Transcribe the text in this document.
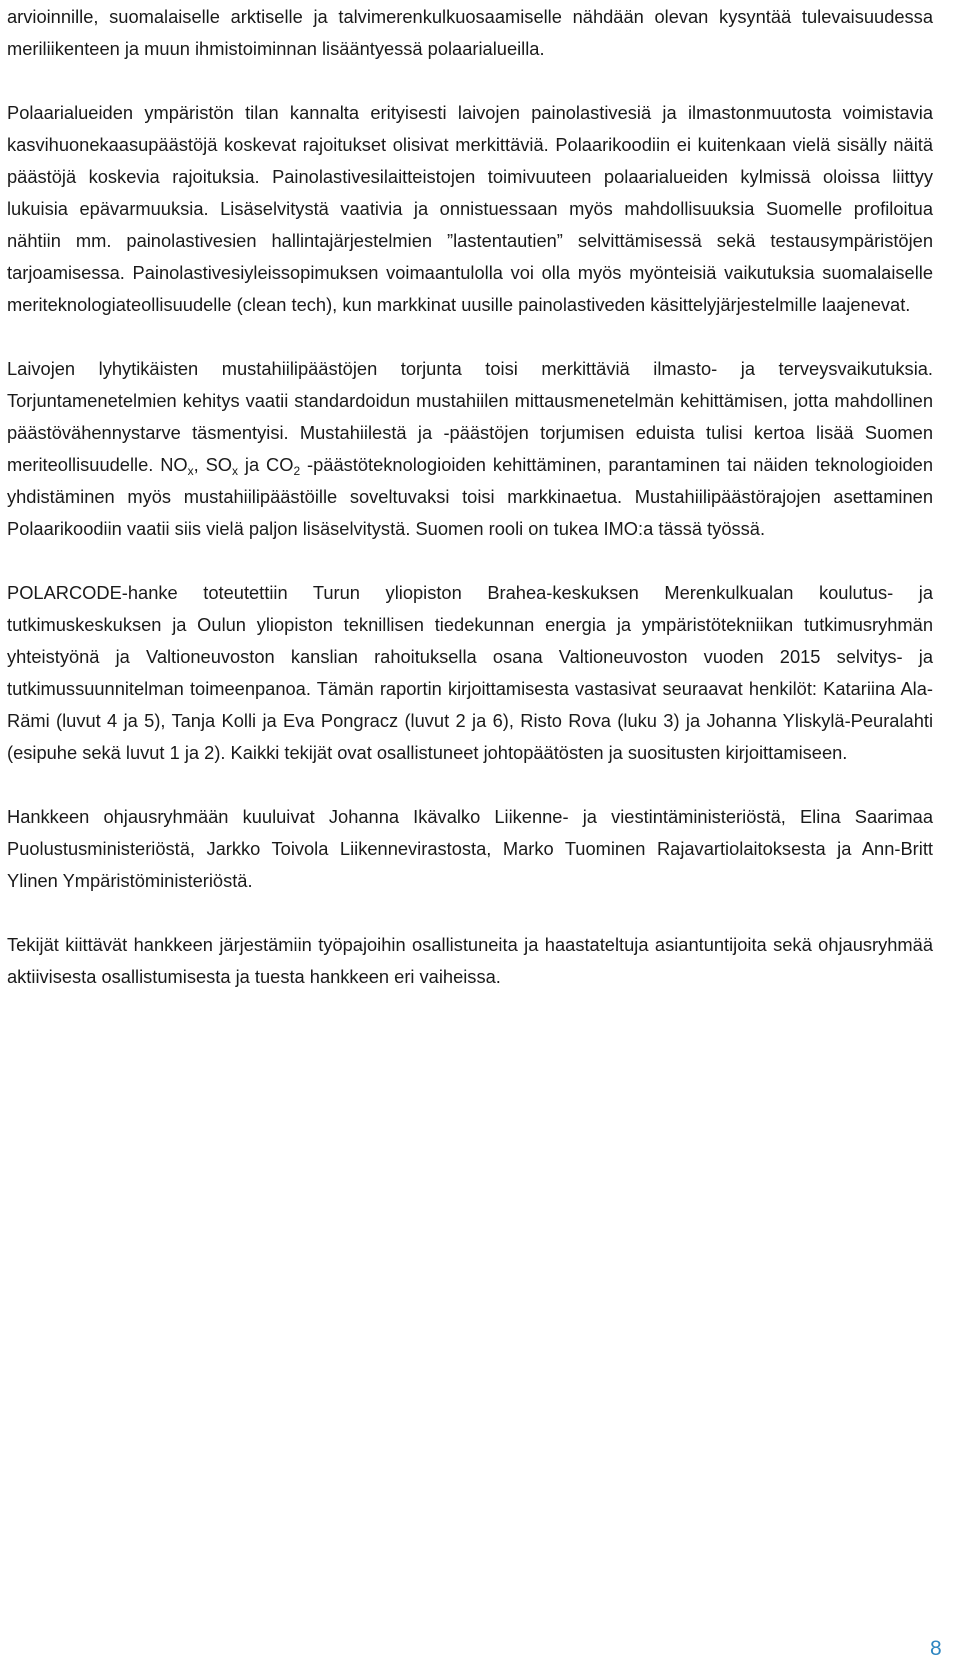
arvioinnille, suomalaiselle arktiselle ja talvimerenkulkuosaamiselle nähdään olevan kysyntää tulevaisuudessa meriliikenteen ja muun ihmistoiminnan lisääntyessä polaarialueilla.

Polaarialueiden ympäristön tilan kannalta erityisesti laivojen painolastivesiä ja ilmastonmuutosta voimistavia kasvihuonekaasupäästöjä koskevat rajoitukset olisivat merkittäviä. Polaarikoodiin ei kuitenkaan vielä sisälly näitä päästöjä koskevia rajoituksia. Painolastivesilaitteistojen toimivuuteen polaarialueiden kylmissä oloissa liittyy lukuisia epävarmuuksia. Lisäselvitystä vaativia ja onnistuessaan myös mahdollisuuksia Suomelle profiloitua nähtiin mm. painolastivesien hallintajärjestelmien ”lastentautien” selvittämisessä sekä testausympäristöjen tarjoamisessa. Painolastivesiyleissopimuksen voimaantulolla voi olla myös myönteisiä vaikutuksia suomalaiselle meriteknologiateollisuudelle (clean tech), kun markkinat uusille painolastiveden käsittelyjärjestelmille laajenevat.

Laivojen lyhytikäisten mustahiilipäästöjen torjunta toisi merkittäviä ilmasto- ja terveysvaikutuksia. Torjuntamenetelmien kehitys vaatii standardoidun mustahiilen mittausmenetelmän kehittämisen, jotta mahdollinen päästövähennystarve täsmentyisi. Mustahiilestä ja -päästöjen torjumisen eduista tulisi kertoa lisää Suomen meriteollisuudelle. $NO_x$, $SO_x$ ja $CO_2$ -päästöteknologioiden kehittäminen, parantaminen tai näiden teknologioiden yhdistäminen myös mustahiilipäästöille soveltuvaksi toisi markkinaetua. Mustahiilipäästörajojen asettaminen Polaarikoodiin vaatii siis vielä paljon lisäselvitystä. Suomen rooli on tukea IMO:a tässä työssä.

POLARCODE-hanke toteutettiin Turun yliopiston Brahea-keskuksen Merenkulkualan koulutus- ja tutkimuskeskuksen ja Oulun yliopiston teknillisen tiedekunnan energia ja ympäristötekniikan tutkimusryhmän yhteistyönä ja Valtioneuvoston kanslian rahoituksella osana Valtioneuvoston vuoden 2015 selvitys- ja tutkimussuunnitelman toimeenpanoa. Tämän raportin kirjoittamisesta vastasivat seuraavat henkilöt: Katariina Ala-Rämi (luvut 4 ja 5), Tanja Kolli ja Eva Pongracz (luvut 2 ja 6), Risto Rova (luku 3) ja Johanna Yliskylä-Peuralahti (esipuhe sekä luvut 1 ja 2). Kaikki tekijät ovat osallistuneet johtopäätösten ja suositusten kirjoittamiseen.

Hankkeen ohjausryhmään kuuluivat Johanna Ikävalko Liikenne- ja viestintäministeriöstä, Elina Saarimaa Puolustusministeriöstä, Jarkko Toivola Liikennevirastosta, Marko Tuominen Rajavartiolaitoksesta ja Ann-Britt Ylinen Ympäristöministeriöstä.

Tekijät kiittävät hankkeen järjestämiin työpajoihin osallistuneita ja haastateltuja asiantuntijoita sekä ohjausryhmää aktiivisesta osallistumisesta ja tuesta hankkeen eri vaiheissa.

8
